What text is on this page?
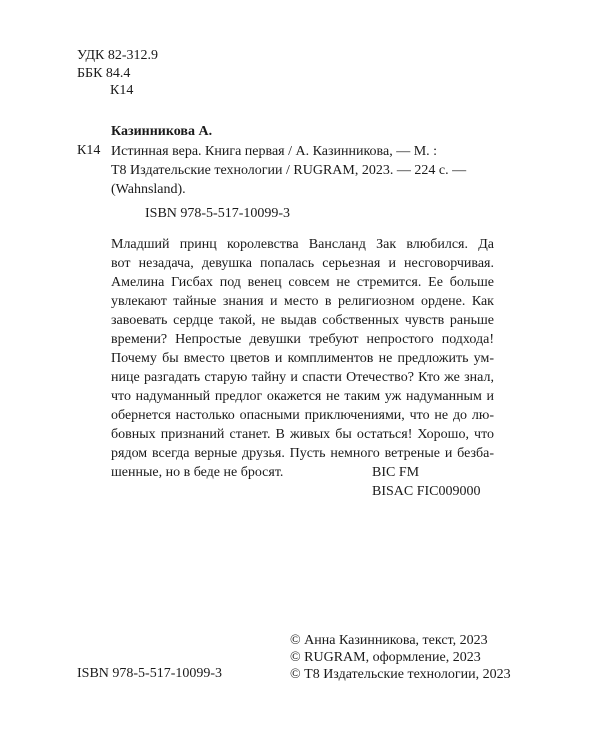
УДК 82-312.9
ББК 84.4
К14
Казинникова А.
К14 Истинная вера. Книга первая / А. Казинникова, — М. :
Т8 Издательские технологии / RUGRAM, 2023. — 224 с. —
(Wahnsland).
ISBN 978-5-517-10099-3
Младший принц королевства Вансланд Зак влюбился. Да
вот незадача, девушка попалась серьезная и несговорчивая.
Амелина Гисбах под венец совсем не стремится. Ее больше
увлекают тайные знания и место в религиозном ордене. Как
завоевать сердце такой, не выдав собственных чувств раньше
времени? Непростые девушки требуют непростого подхода!
Почему бы вместо цветов и комплиментов не предложить ум-
нице разгадать старую тайну и спасти Отечество? Кто же знал,
что надуманный предлог окажется не таким уж надуманным и
обернется настолько опасными приключениями, что не до лю-
бовных признаний станет. В живых бы остаться! Хорошо, что
рядом всегда верные друзья. Пусть немного ветреные и безба-
шенные, но в беде не бросят.	BIC FM
BISAC FIC009000
© Анна Казинникова, текст, 2023
© RUGRAM, оформление, 2023
© Т8 Издательские технологии, 2023
ISBN 978-5-517-10099-3
